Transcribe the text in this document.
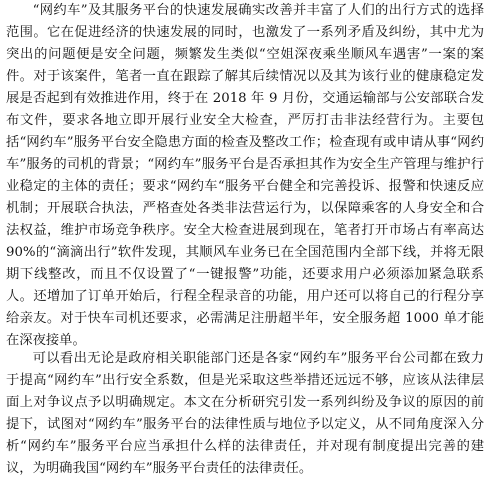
“网约车”及其服务平台的快速发展确实改善并丰富了人们的出行方式的选择范围。它在促进经济的快速发展的同时，也激发了一系列矛盾及纠纷，其中尤为突出的问题便是安全问题，频繁发生类似“空姐深夜乘坐顺风车遇害”一案的案件。对于该案件，笔者一直在跟踪了解其后续情况以及其为该行业的健康稳定发展是否起到有效推进作用，终于在 2018 年 9 月份，交通运输部与公安部联合发布文件，要求各地立即开展行业安全大检查，严厉打击非法经营行为。主要包括“网约车”服务平台安全隐患方面的检查及整改工作；检查现有或申请从事“网约车”服务的司机的背景；“网约车”服务平台是否承担其作为安全生产管理与维护行业稳定的主体的责任；要求“网约车“服务平台健全和完善投诉、报警和快速反应机制；开展联合执法，严格查处各类非法营运行为，以保障乘客的人身安全和合法权益，维护市场竞争秩序。安全大检查进展到现在，笔者打开市场占有率高达 90%的“滴滴出行”软件发现，其顺风车业务已在全国范围内全部下线，并将无限期下线整改，而且不仅设置了“一键报警”功能，还要求用户必须添加紧急联系人。还增加了订单开始后，行程全程录音的功能，用户还可以将自己的行程分享给亲友。对于快车司机还要求，必需满足注册超半年，安全服务超 1000 单才能在深夜接单。

可以看出无论是政府相关职能部门还是各家“网约车”服务平台公司都在致力于提高“网约车”出行安全系数，但是光采取这些举措还远远不够，应该从法律层面上对争议点予以明确规定。本文在分析研究引发一系列纠纷及争议的原因的前提下，试图对“网约车”服务平台的法律性质与地位予以定义，从不同角度深入分析“网约车”服务平台应当承担什么样的法律责任，并对现有制度提出完善的建议，为明确我国“网约车”服务平台责任的法律责任。
